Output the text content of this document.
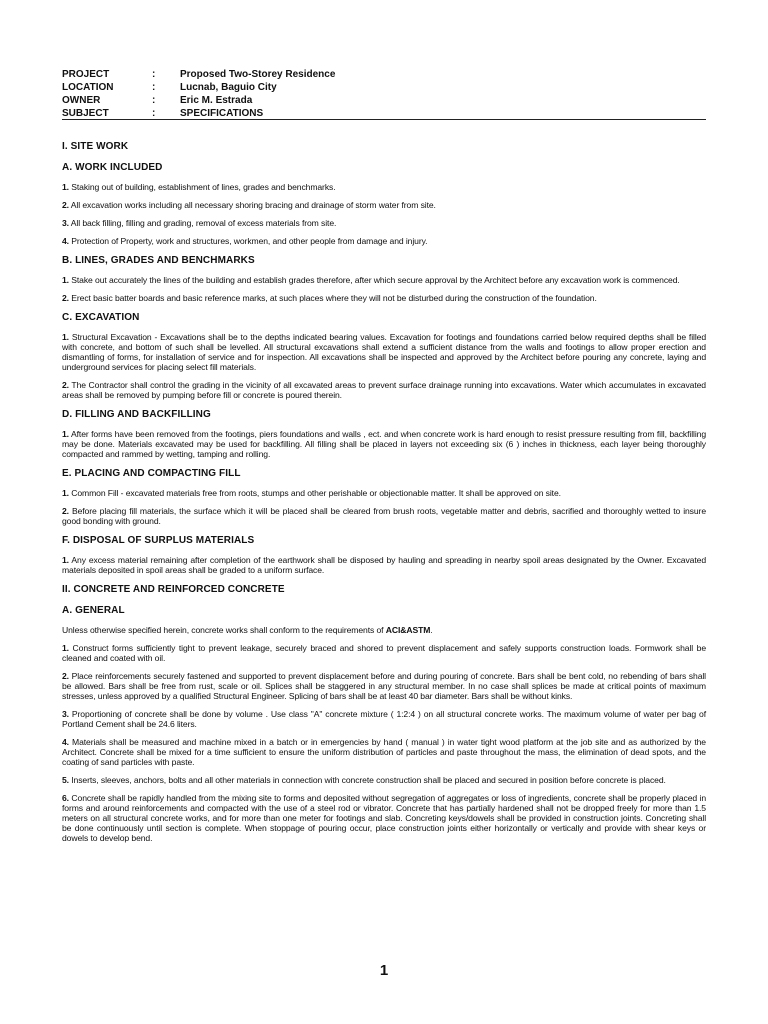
PROJECT	:	Proposed Two-Storey Residence
LOCATION	:	Lucnab, Baguio City
OWNER	:	Eric M. Estrada
SUBJECT	:	SPECIFICATIONS
I. SITE WORK
A. WORK INCLUDED

1. Staking out of building, establishment of lines, grades and benchmarks.

2. All excavation works including all necessary shoring bracing and drainage of storm water from site.

3. All back filling, filling and grading, removal of excess materials from site.

4. Protection of Property, work and structures, workmen, and other people from damage and injury.

B. LINES, GRADES AND BENCHMARKS

1. Stake out accurately the lines of the building and establish grades therefore, after which secure approval by the Architect before any excavation work is commenced.

2. Erect basic batter boards and basic reference marks, at such places where they will not be disturbed during the construction of the foundation.

C. EXCAVATION

1. Structural Excavation - Excavations shall be to the depths indicated bearing values. Excavation for footings and foundations carried below required depths shall be filled with concrete, and bottom of such shall be levelled. All structural excavations shall extend a sufficient distance from the walls and footings to allow proper erection and dismantling of forms, for installation of service and for inspection. All excavations shall be inspected and approved by the Architect before pouring any concrete, laying and underground services for placing select fill materials.

2. The Contractor shall control the grading in the vicinity of all excavated areas to prevent surface drainage running into excavations. Water which accumulates in excavated areas shall be removed by pumping before fill or concrete is poured therein.

D. FILLING AND BACKFILLING

1. After forms have been removed from the footings, piers foundations and walls , ect. and when concrete work is hard enough to resist pressure resulting from fill, backfilling may be done. Materials excavated may be used for backfilling. All filling shall be placed in layers not exceeding six (6 ) inches in thickness, each layer being thoroughly compacted and rammed by wetting, tamping and rolling.

E. PLACING AND COMPACTING FILL

1. Common Fill - excavated materials free from roots, stumps and other perishable or objectionable matter. It shall be approved on site.

2. Before placing fill materials, the surface which it will be placed shall be cleared from brush roots, vegetable matter and debris, sacrified and thoroughly wetted to insure good bonding with ground.

F. DISPOSAL OF SURPLUS MATERIALS

1. Any excess material remaining after completion of the earthwork shall be disposed by hauling and spreading in nearby spoil areas designated by the Owner. Excavated materials deposited in spoil areas shall be graded to a uniform surface.

II. CONCRETE AND REINFORCED CONCRETE
A. GENERAL

Unless otherwise specified herein, concrete works shall conform to the requirements of ACI&ASTM.

1. Construct forms sufficiently tight to prevent leakage, securely braced and shored to prevent displacement and safely supports construction loads. Formwork shall be cleaned and coated with oil.

2. Place reinforcements securely fastened and supported to prevent displacement before and during pouring of concrete. Bars shall be bent cold, no rebending of bars shall be allowed. Bars shall be free from rust, scale or oil. Splices shall be staggered in any structural member. In no case shall splices be made at critical points of maximum stresses, unless approved by a qualified Structural Engineer. Splicing of bars shall be at least 40 bar diameter. Bars shall be without kinks.

3. Proportioning of concrete shall be done by volume . Use class "A" concrete mixture ( 1:2:4 ) on all structural concrete works. The maximum volume of water per bag of Portland Cement shall be 24.6 liters.

4. Materials shall be measured and machine mixed in a batch or in emergencies by hand ( manual ) in water tight wood platform at the job site and as authorized by the Architect. Concrete shall be mixed for a time sufficient to ensure the uniform distribution of particles and paste throughout the mass, the elimination of dead spots, and the coating of sand particles with paste.

5. Inserts, sleeves, anchors, bolts and all other materials in connection with concrete construction shall be placed and secured in position before concrete is placed.

6. Concrete shall be rapidly handled from the mixing site to forms and deposited without segregation of aggregates or loss of ingredients, concrete shall be properly placed in forms and around reinforcements and compacted with the use of a steel rod or vibrator. Concrete that has partially hardened shall not be dropped freely for more than 1.5 meters on all structural concrete works, and for more than one meter for footings and slab. Concreting keys/dowels shall be provided in construction joints. Concreting shall be done continuously until section is complete. When stoppage of pouring occur, place construction joints either horizontally or vertically and provide with shear keys or dowels to develop bend.

1
